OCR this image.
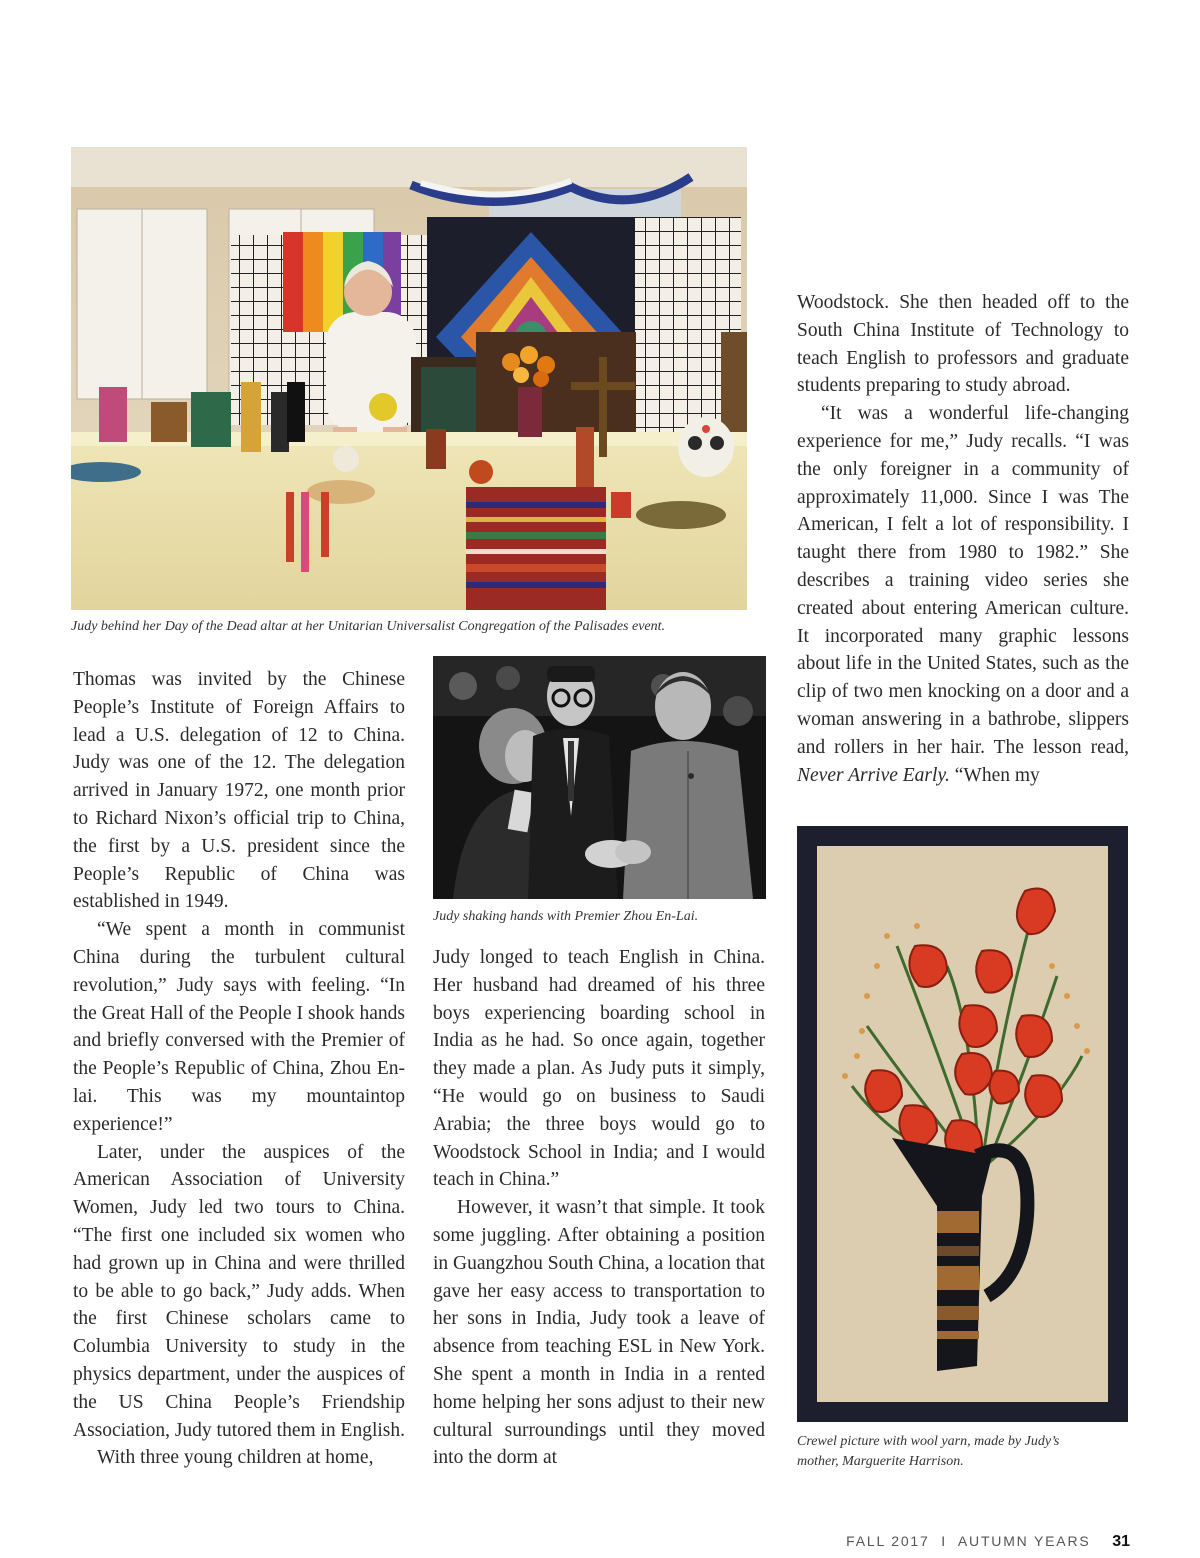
Judy behind her Day of the Dead altar at her Unitarian Universalist Congregation of the Palisades event.

Judy shaking hands with Premier Zhou En-Lai.

Crewel picture with wool yarn, made by Judy’s mother, Marguerite Harrison.

Thomas was invited by the Chinese People’s Institute of Foreign Affairs to lead a U.S. delegation of 12 to China. Judy was one of the 12. The delegation arrived in January 1972, one month prior to Richard Nixon’s official trip to China, the first by a U.S. president since the People’s Republic of China was established in 1949.

“We spent a month in communist China during the turbulent cultural revolution,” Judy says with feeling. “In the Great Hall of the People I shook hands and briefly conversed with the Premier of the People’s Republic of China, Zhou En-lai. This was my mountaintop experience!”

Later, under the auspices of the American Association of University Women, Judy led two tours to China. “The first one included six women who had grown up in China and were thrilled to be able to go back,” Judy adds. When the first Chinese scholars came to Columbia University to study in the physics department, under the auspices of the US China People’s Friendship Association, Judy tutored them in English.

With three young children at home,

Judy longed to teach English in China. Her husband had dreamed of his three boys experiencing boarding school in India as he had. So once again, together they made a plan. As Judy puts it simply, “He would go on business to Saudi Arabia; the three boys would go to Woodstock School in India; and I would teach in China.”

However, it wasn’t that simple. It took some juggling. After obtaining a position in Guangzhou South China, a location that gave her easy access to transportation to her sons in India, Judy took a leave of absence from teaching ESL in New York. She spent a month in India in a rented home helping her sons adjust to their new cultural surroundings until they moved into the dorm at

Woodstock. She then headed off to the South China Institute of Technology to teach English to professors and graduate students preparing to study abroad.

“It was a wonderful life-changing experience for me,” Judy recalls. “I was the only foreigner in a community of approximately 11,000. Since I was The American, I felt a lot of responsibility. I taught there from 1980 to 1982.” She describes a training video series she created about entering American culture. It incorporated many graphic lessons about life in the United States, such as the clip of two men knocking on a door and a woman answering in a bathrobe, slippers and rollers in her hair. The lesson read, Never Arrive Early. “When my

FALL 2017 I AUTUMN YEARS 31
